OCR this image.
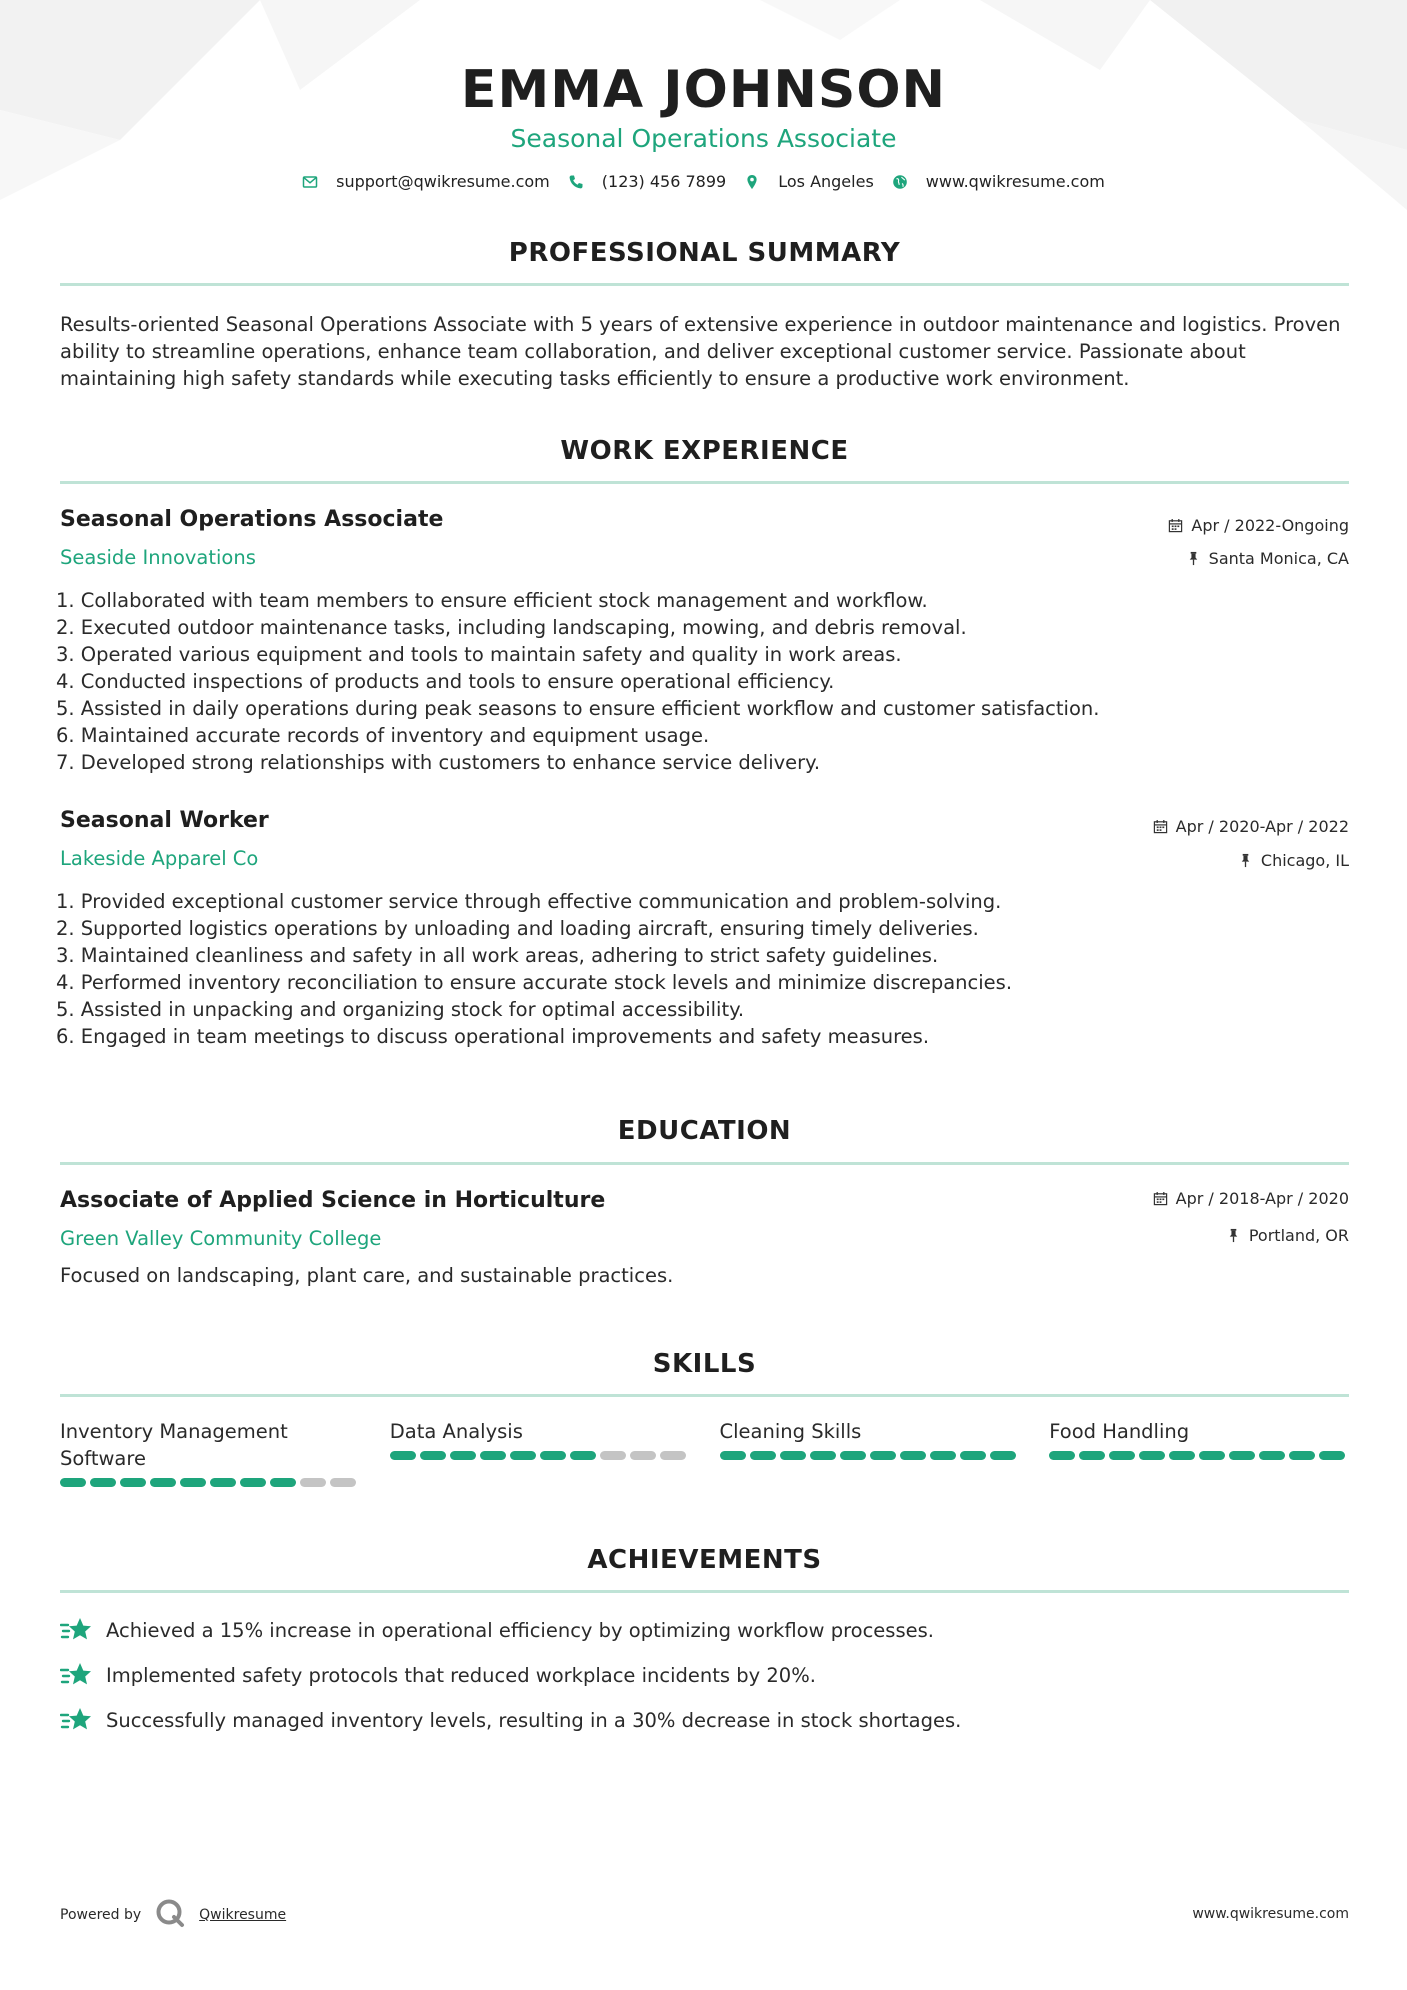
EMMA JOHNSON
Seasonal Operations Associate
support@qwikresume.com	(123) 456 7899	Los Angeles	www.qwikresume.com
PROFESSIONAL SUMMARY
Results-oriented Seasonal Operations Associate with 5 years of extensive experience in outdoor maintenance and logistics. Proven ability to streamline operations, enhance team collaboration, and deliver exceptional customer service. Passionate about maintaining high safety standards while executing tasks efficiently to ensure a productive work environment.
WORK EXPERIENCE
Seasonal Operations Associate	Apr / 2022-Ongoing
Seaside Innovations	Santa Monica, CA
1. Collaborated with team members to ensure efficient stock management and workflow.
2. Executed outdoor maintenance tasks, including landscaping, mowing, and debris removal.
3. Operated various equipment and tools to maintain safety and quality in work areas.
4. Conducted inspections of products and tools to ensure operational efficiency.
5. Assisted in daily operations during peak seasons to ensure efficient workflow and customer satisfaction.
6. Maintained accurate records of inventory and equipment usage.
7. Developed strong relationships with customers to enhance service delivery.
Seasonal Worker	Apr / 2020-Apr / 2022
Lakeside Apparel Co	Chicago, IL
1. Provided exceptional customer service through effective communication and problem-solving.
2. Supported logistics operations by unloading and loading aircraft, ensuring timely deliveries.
3. Maintained cleanliness and safety in all work areas, adhering to strict safety guidelines.
4. Performed inventory reconciliation to ensure accurate stock levels and minimize discrepancies.
5. Assisted in unpacking and organizing stock for optimal accessibility.
6. Engaged in team meetings to discuss operational improvements and safety measures.
EDUCATION
Associate of Applied Science in Horticulture	Apr / 2018-Apr / 2020
Green Valley Community College	Portland, OR
Focused on landscaping, plant care, and sustainable practices.
SKILLS
Inventory Management Software
Data Analysis	Cleaning Skills	Food Handling
ACHIEVEMENTS
Achieved a 15% increase in operational efficiency by optimizing workflow processes.
Implemented safety protocols that reduced workplace incidents by 20%.
Successfully managed inventory levels, resulting in a 30% decrease in stock shortages.
Powered by	Qwikresume	www.qwikresume.com
